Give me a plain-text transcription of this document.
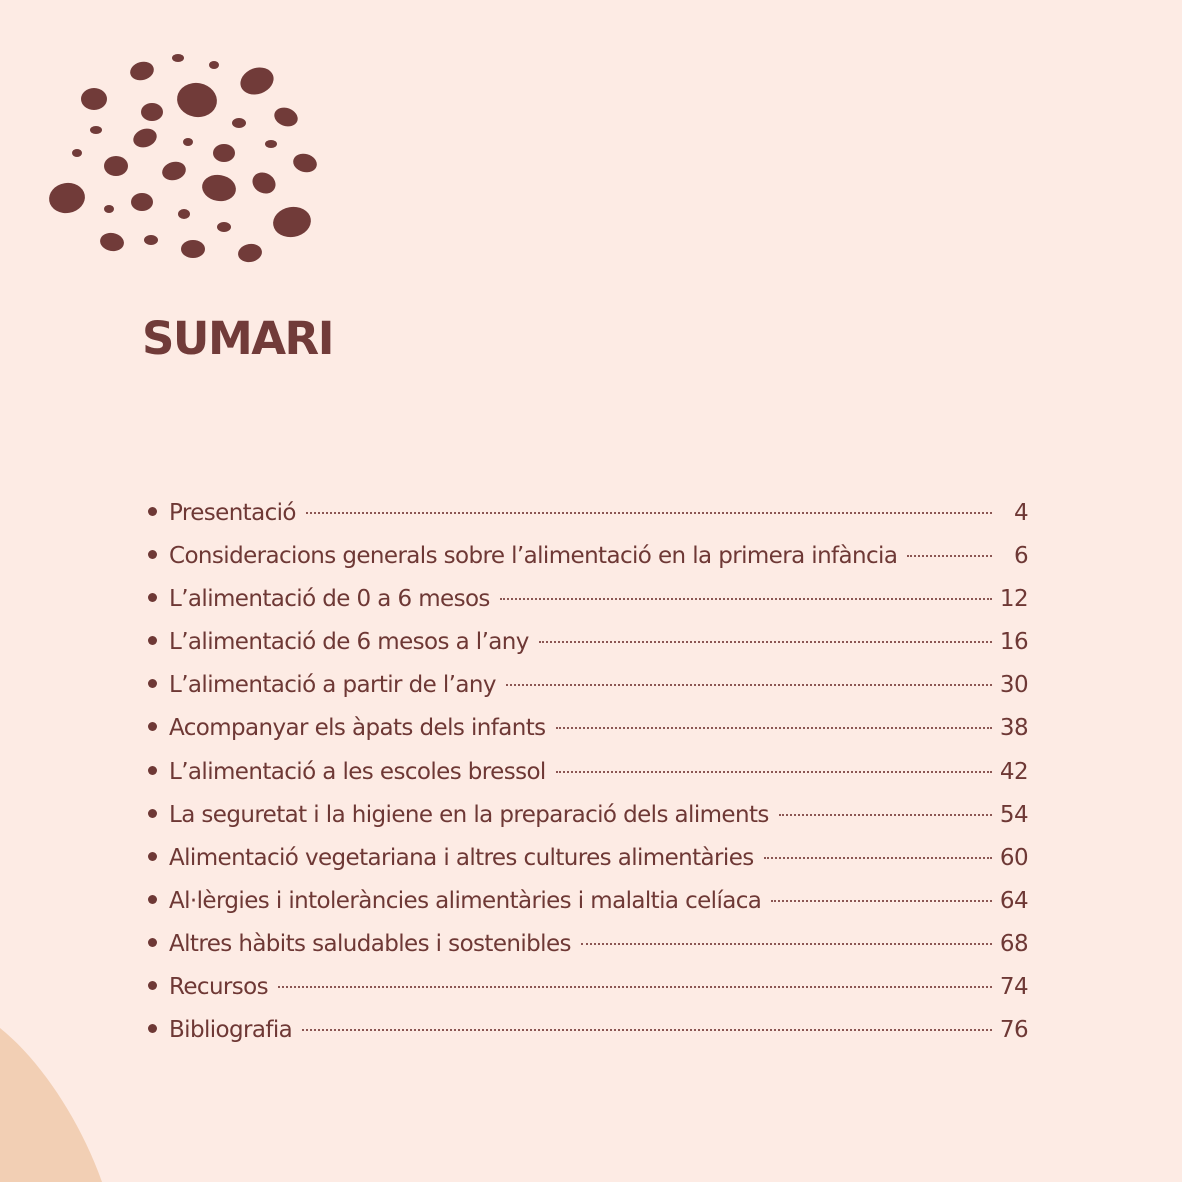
SUMARI
Presentació	4
Consideracions generals sobre l’alimentació en la primera infància	6
L’alimentació de 0 a 6 mesos	12
L’alimentació de 6 mesos a l’any	16
L’alimentació a partir de l’any	30
Acompanyar els àpats dels infants	38
L’alimentació a les escoles bressol	42
La seguretat i la higiene en la preparació dels aliments	54
Alimentació vegetariana i altres cultures alimentàries	60
Al·lèrgies i intoleràncies alimentàries i malaltia celíaca	64
Altres hàbits saludables i sostenibles	68
Recursos	74
Bibliografia	76
